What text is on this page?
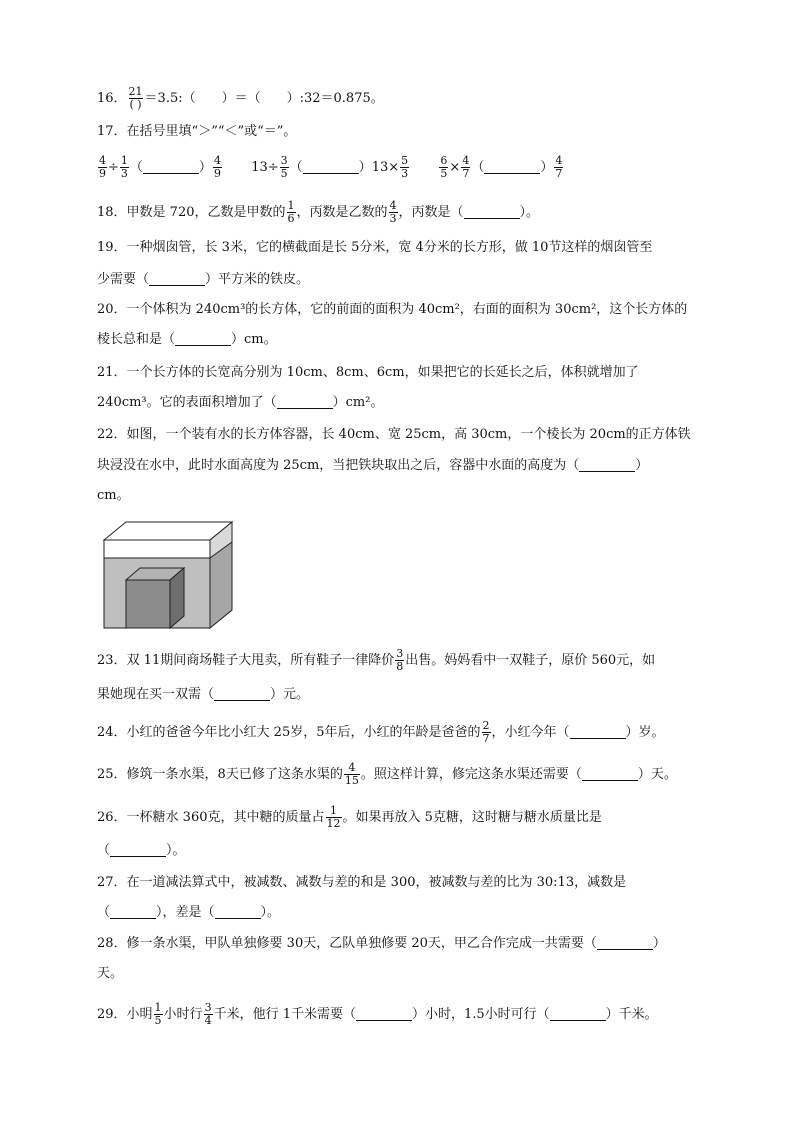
16． $\frac{21}{( )}$ ＝3.5:（　　）＝（　　）:32＝0.875。
17．在括号里填“＞”“＜”或“＝”。
$\frac{4}{9} \div \frac{1}{3}$ （	） $\frac{4}{9} 13\div \frac{3}{5}$ （	）$13\times \frac{5}{3}$
	$\frac{6}{5} \times \frac{4}{7}$ （	） $\frac{4}{7}$
18．甲数是 720，乙数是甲数的 $\frac{1}{6}$ ，丙数是乙数的 $\frac{4}{3}$ ，丙数是（	）。
19．一种烟囱管，长 3米，它的横截面是长 5分米，宽 4分米的长方形，做 10节这样的烟囱管至
少需要（	）平方米的铁皮。
20．一个体积为 240cm³的长方体，它的前面的面积为 40cm²，右面的面积为 30cm²，这个长方体的
棱长总和是（	）cm。
21．一个长方体的长宽高分别为 10cm、8cm、6cm，如果把它的长延长之后，体积就增加了
240cm³。它的表面积增加了（	）cm²。
22．如图，一个装有水的长方体容器，长 40cm、宽 25cm，高 30cm，一个棱长为 20cm的正方体铁
块浸没在水中，此时水面高度为 25cm，当把铁块取出之后，容器中水面的高度为（	）
cm。
23．双 11期间商场鞋子大甩卖，所有鞋子一律降价 $\frac{3}{8}$ 出售。妈妈看中一双鞋子，原价 560元，如
果她现在买一双需（	）元。
24．小红的爸爸今年比小红大 25岁，5年后，小红的年龄是爸爸的 $\frac{2}{7}$ ，小红今年（	）岁。
25．修筑一条水渠，8天已修了这条水渠的 $\frac{4}{15}$ 。照这样计算，修完这条水渠还需要（	）天。
26．一杯糖水 360克，其中糖的质量占 $\frac{1}{12}$ 。如果再放入 5克糖，这时糖与糖水质量比是
（	）。
27．在一道减法算式中，被减数、减数与差的和是 300，被减数与差的比为 30:13，减数是
（	），差是（	）。
28．修一条水渠，甲队单独修要 30天，乙队单独修要 20天，甲乙合作完成一共需要（	）
天。
29．小明 $\frac{1}{5}$ 小时行 $\frac{3}{4}$ 千米，他行 1千米需要（	）小时，1.5小时可行（	）千米。
